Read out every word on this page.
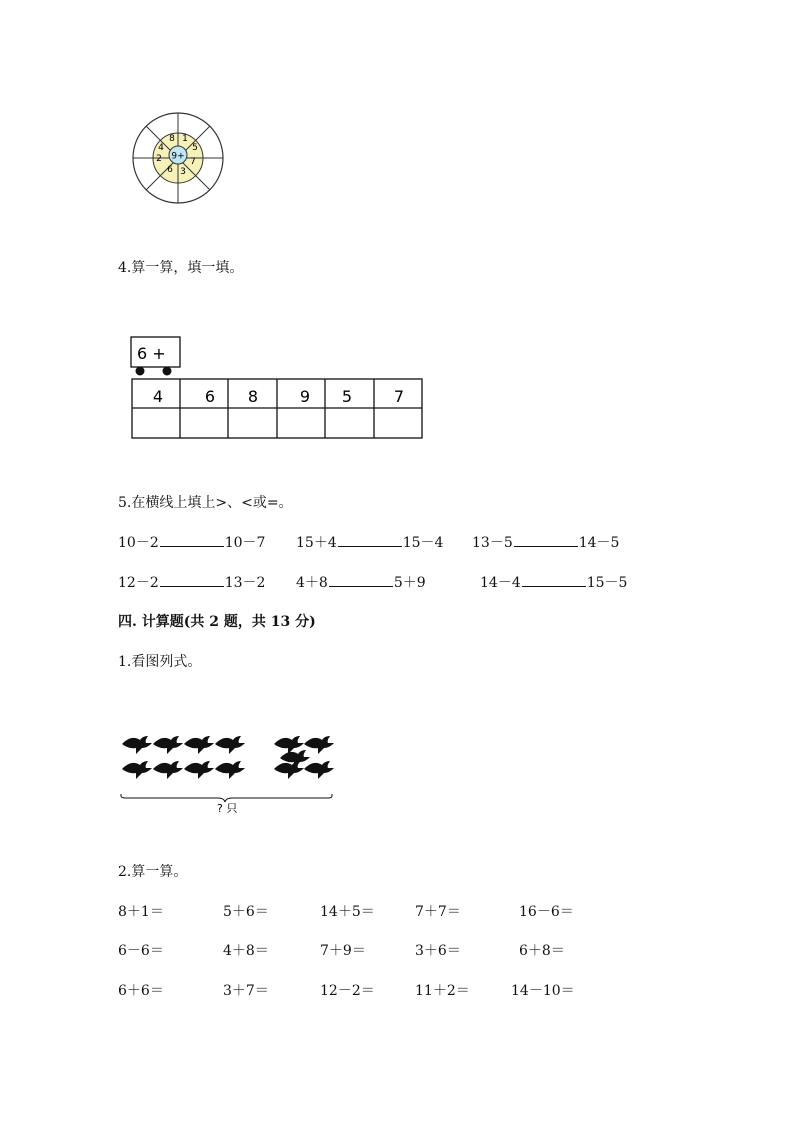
9+
8 1
5
7
3
6
2
4
4.算一算，填一填。
6 +
4	6 8	9 5	7
5.在横线上填上>、<或=。
10－2	10－7 15＋4	15－4 13－5	14－5
12－2	13－2 4＋8	5＋9	14－4	15－5
四. 计算题(共 2 题，共 13 分)
1.看图列式。
? 只
2.算一算。
8＋1＝	5＋6＝	14＋5＝	7＋7＝	16－6＝
6－6＝	4＋8＝	7＋9＝	3＋6＝	6＋8＝
6＋6＝	3＋7＝	12－2＝	11＋2＝	14－10＝
